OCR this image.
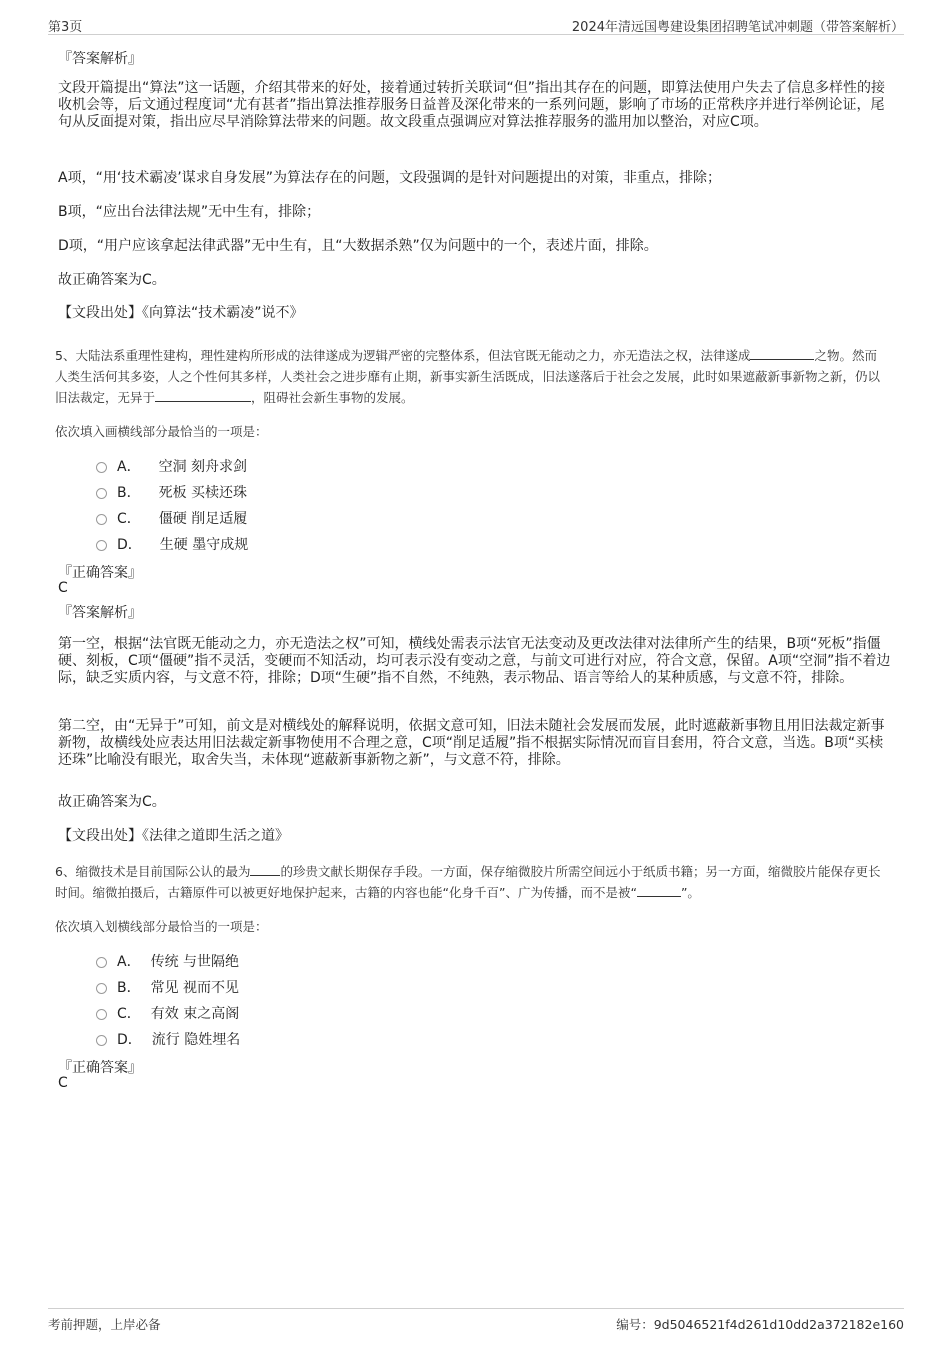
第3页	2024年清远国粤建设集团招聘笔试冲刺题（带答案解析）
『答案解析』
文段开篇提出“算法”这一话题，介绍其带来的好处，接着通过转折关联词“但”指出其存在的问题，即算法使用户失去了信息多样性的接收机会等，后文通过程度词“尤有甚者”指出算法推荐服务日益普及深化带来的一系列问题，影响了市场的正常秩序并进行举例论证，尾句从反面提对策，指出应尽早消除算法带来的问题。故文段重点强调应对算法推荐服务的滥用加以整治，对应C项。
A项，“用‘技术霸凌’谋求自身发展”为算法存在的问题，文段强调的是针对问题提出的对策，非重点，排除；
B项，“应出台法律法规”无中生有，排除；
D项，“用户应该拿起法律武器”无中生有，且“大数据杀熟”仅为问题中的一个，表述片面，排除。
故正确答案为C。
【文段出处】《向算法“技术霸凌”说不》
5、大陆法系重理性建构，理性建构所形成的法律遂成为逻辑严密的完整体系，但法官既无能动之力，亦无造法之权，法律遂成	之物。然而人类生活何其多姿，人之个性何其多样，人类社会之进步靡有止期，新事实新生活既成，旧法遂落后于社会之发展，此时如果遮蔽新事新物之新，仍以旧法裁定，无异于	，阻碍社会新生事物的发展。
依次填入画横线部分最恰当的一项是：
A． 空洞 刻舟求剑
B． 死板 买椟还珠
C． 僵硬 削足适履
D． 生硬 墨守成规
『正确答案』
C
『答案解析』
第一空，根据“法官既无能动之力，亦无造法之权”可知，横线处需表示法官无法变动及更改法律对法律所产生的结果，B项“死板”指僵硬、刻板，C项“僵硬”指不灵活，变硬而不知活动，均可表示没有变动之意，与前文可进行对应，符合文意，保留。A项“空洞”指不着边际，缺乏实质内容，与文意不符，排除；D项“生硬”指不自然，不纯熟，表示物品、语言等给人的某种质感，与文意不符，排除。
第二空，由“无异于”可知，前文是对横线处的解释说明，依据文意可知，旧法未随社会发展而发展，此时遮蔽新事物且用旧法裁定新事新物，故横线处应表达用旧法裁定新事物使用不合理之意，C项“削足适履”指不根据实际情况而盲目套用，符合文意，当选。B项“买椟还珠”比喻没有眼光，取舍失当，未体现“遮蔽新事新物之新”，与文意不符，排除。
故正确答案为C。
【文段出处】《法律之道即生活之道》
6、缩微技术是目前国际公认的最为 的珍贵文献长期保存手段。一方面，保存缩微胶片所需空间远小于纸质书籍；另一方面，缩微胶片能保存更长时间。缩微拍摄后，古籍原件可以被更好地保护起来，古籍的内容也能“化身千百”、广为传播，而不是被“	”。
依次填入划横线部分最恰当的一项是：
A． 传统 与世隔绝
B． 常见 视而不见
C． 有效 束之高阁
D． 流行 隐姓埋名
『正确答案』
C
考前押题，上岸必备	编号：9d5046521f4d261d10dd2a372182e160
